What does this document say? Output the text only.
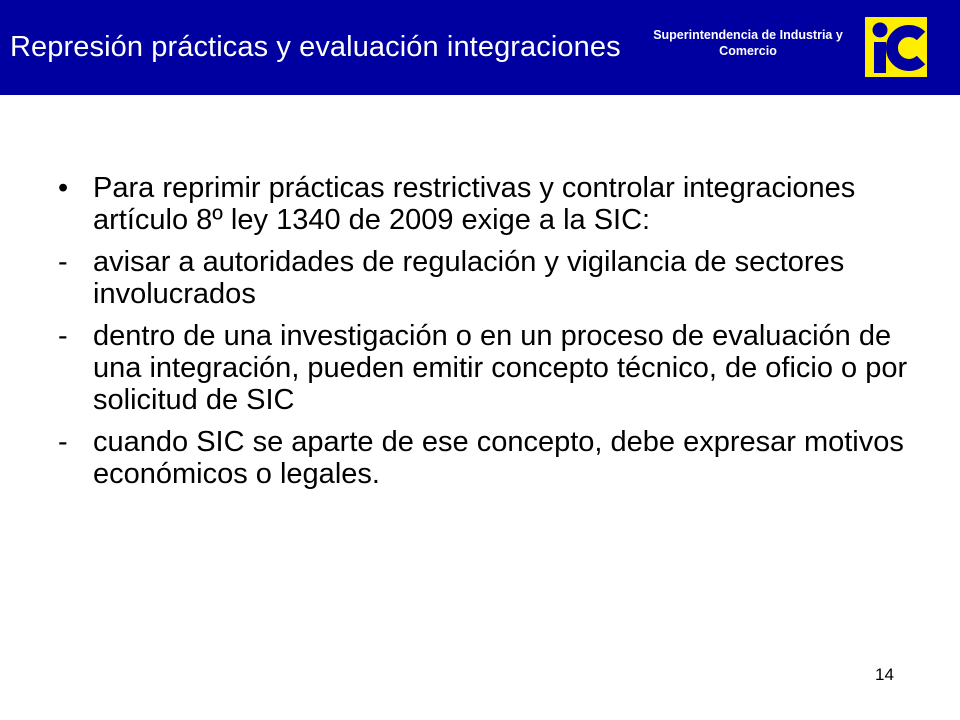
Represión prácticas y evaluación integraciones	Superintendencia de Industria y
Comercio
• Para reprimir prácticas restrictivas y controlar integraciones artículo 8º ley 1340 de 2009 exige a la SIC:
- avisar a autoridades de regulación y vigilancia de sectores involucrados
- dentro de una investigación o en un proceso de evaluación de una integración, pueden emitir concepto técnico, de oficio o por solicitud de SIC
- cuando SIC se aparte de ese concepto, debe expresar motivos económicos o legales.
14
